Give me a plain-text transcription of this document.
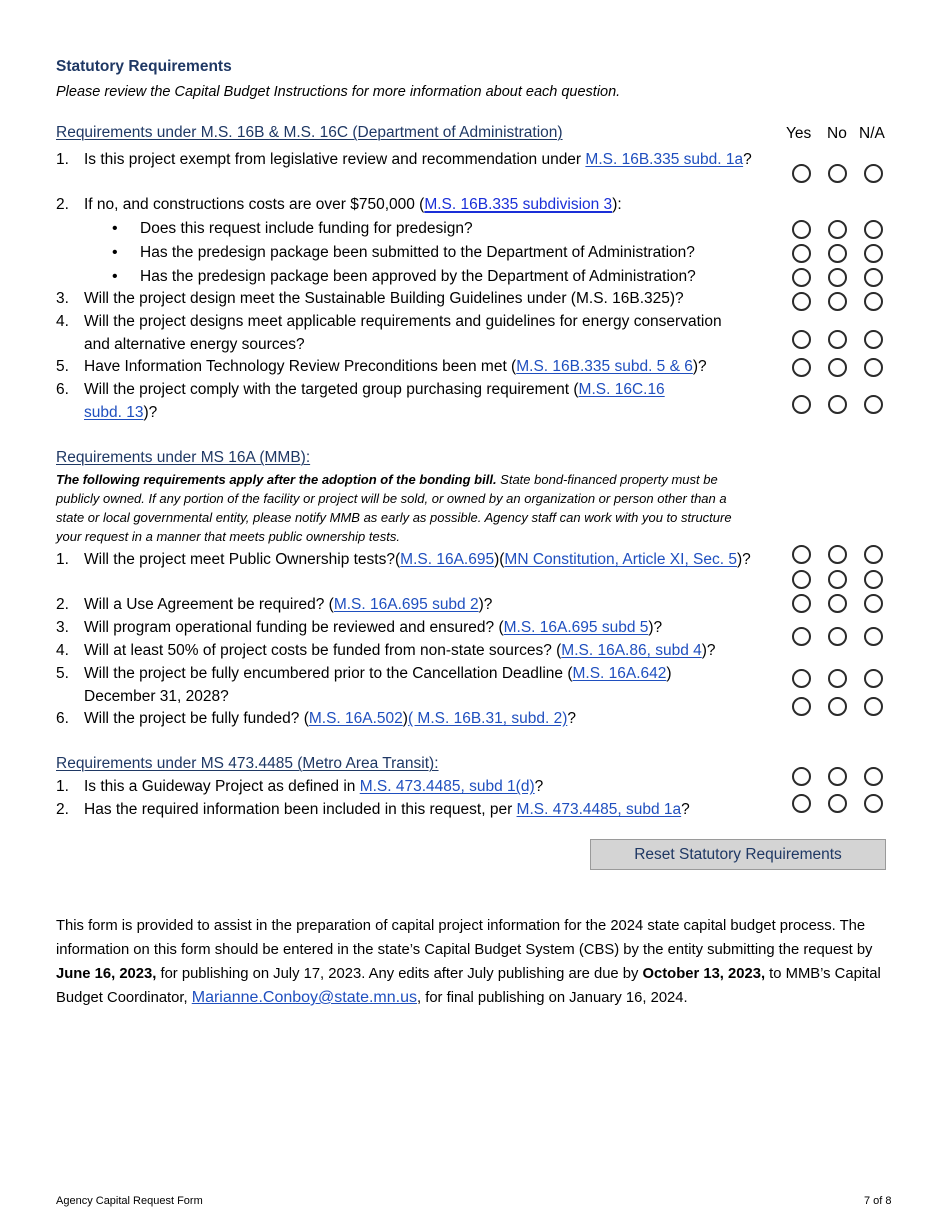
Statutory Requirements
Please review the Capital Budget Instructions for more information about each question.
Requirements under M.S. 16B & M.S. 16C (Department of Administration)	Yes No N/A
1. Is this project exempt from legislative review and recommendation under M.S. 16B.335 subd. 1a?
2. If no, and constructions costs are over $750,000 (M.S. 16B.335 subdivision 3):
• Does this request include funding for predesign?
• Has the predesign package been submitted to the Department of Administration?
• Has the predesign package been approved by the Department of Administration?
3. Will the project design meet the Sustainable Building Guidelines under (M.S. 16B.325)?
4. Will the project designs meet applicable requirements and guidelines for energy conservation and alternative energy sources?
5. Have Information Technology Review Preconditions been met (M.S. 16B.335 subd. 5 & 6)?
6. Will the project comply with the targeted group purchasing requirement (M.S. 16C.16 subd. 13)?
Requirements under MS 16A (MMB):
The following requirements apply after the adoption of the bonding bill. State bond-financed property must be publicly owned. If any portion of the facility or project will be sold, or owned by an organization or person other than a state or local governmental entity, please notify MMB as early as possible. Agency staff can work with you to structure your request in a manner that meets public ownership tests.
1. Will the project meet Public Ownership tests?(M.S. 16A.695)(MN Constitution, Article XI, Sec. 5)?
2. Will a Use Agreement be required? (M.S. 16A.695 subd 2)?
3. Will program operational funding be reviewed and ensured? (M.S. 16A.695 subd 5)?
4. Will at least 50% of project costs be funded from non-state sources? (M.S. 16A.86, subd 4)?
5. Will the project be fully encumbered prior to the Cancellation Deadline (M.S. 16A.642) December 31, 2028?
6. Will the project be fully funded? (M.S. 16A.502)( M.S. 16B.31, subd. 2)?
Requirements under MS 473.4485 (Metro Area Transit):
1. Is this a Guideway Project as defined in M.S. 473.4485, subd 1(d)?
2. Has the required information been included in this request, per M.S. 473.4485, subd 1a?
Reset Statutory Requirements
This form is provided to assist in the preparation of capital project information for the 2024 state capital budget process. The information on this form should be entered in the state’s Capital Budget System (CBS) by the entity submitting the request by June 16, 2023, for publishing on July 17, 2023. Any edits after July publishing are due by October 13, 2023, to MMB’s Capital Budget Coordinator, Marianne.Conboy@state.mn.us, for final publishing on January 16, 2024.
Agency Capital Request Form	7 of 8
